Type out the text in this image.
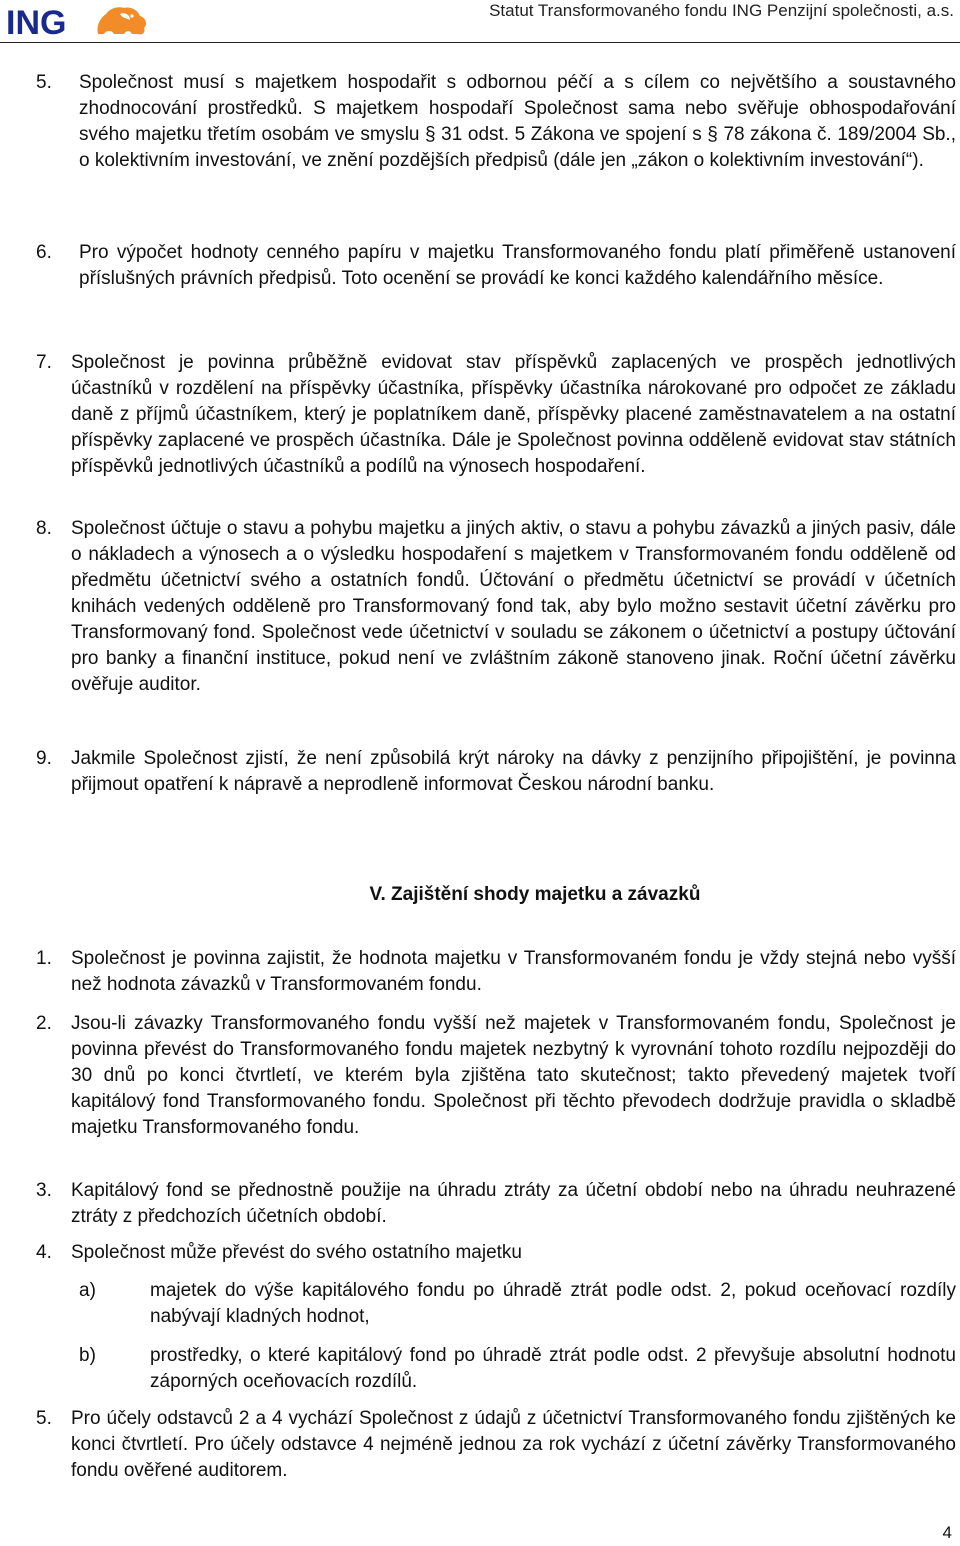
ING	Statut Transformovaného fondu ING Penzijní společnosti, a.s.
5. Společnost musí s majetkem hospodařit s odbornou péčí a s cílem co největšího a soustavného zhodnocování prostředků. S majetkem hospodaří Společnost sama nebo svěřuje obhospodařování svého majetku třetím osobám ve smyslu § 31 odst. 5 Zákona ve spojení s § 78 zákona č. 189/2004 Sb., o kolektivním investování, ve znění pozdějších předpisů (dále jen „zákon o kolektivním investování“).
6. Pro výpočet hodnoty cenného papíru v majetku Transformovaného fondu platí přiměřeně ustanovení příslušných právních předpisů. Toto ocenění se provádí ke konci každého kalendářního měsíce.
7. Společnost je povinna průběžně evidovat stav příspěvků zaplacených ve prospěch jednotlivých účastníků v rozdělení na příspěvky účastníka, příspěvky účastníka nárokované pro odpočet ze základu daně z příjmů účastníkem, který je poplatníkem daně, příspěvky placené zaměstnavatelem a na ostatní příspěvky zaplacené ve prospěch účastníka. Dále je Společnost povinna odděleně evidovat stav státních příspěvků jednotlivých účastníků a podílů na výnosech hospodaření.
8. Společnost účtuje o stavu a pohybu majetku a jiných aktiv, o stavu a pohybu závazků a jiných pasiv, dále o nákladech a výnosech a o výsledku hospodaření s majetkem v Transformovaném fondu odděleně od předmětu účetnictví svého a ostatních fondů. Účtování o předmětu účetnictví se provádí v účetních knihách vedených odděleně pro Transformovaný fond tak, aby bylo možno sestavit účetní závěrku pro Transformovaný fond. Společnost vede účetnictví v souladu se zákonem o účetnictví a postupy účtování pro banky a finanční instituce, pokud není ve zvláštním zákoně stanoveno jinak. Roční účetní závěrku ověřuje auditor.
9. Jakmile Společnost zjistí, že není způsobilá krýt nároky na dávky z penzijního připojištění, je povinna přijmout opatření k nápravě a neprodleně informovat Českou národní banku.
V. Zajištění shody majetku a závazků
1. Společnost je povinna zajistit, že hodnota majetku v Transformovaném fondu je vždy stejná nebo vyšší než hodnota závazků v Transformovaném fondu.
2. Jsou-li závazky Transformovaného fondu vyšší než majetek v Transformovaném fondu, Společnost je povinna převést do Transformovaného fondu majetek nezbytný k vyrovnání tohoto rozdílu nejpozději do 30 dnů po konci čtvrtletí, ve kterém byla zjištěna tato skutečnost; takto převedený majetek tvoří kapitálový fond Transformovaného fondu. Společnost při těchto převodech dodržuje pravidla o skladbě majetku Transformovaného fondu.
3. Kapitálový fond se přednostně použije na úhradu ztráty za účetní období nebo na úhradu neuhrazené ztráty z předchozích účetních období.
4. Společnost může převést do svého ostatního majetku
a)	majetek do výše kapitálového fondu po úhradě ztrát podle odst. 2, pokud oceňovací rozdíly nabývají kladných hodnot,
b)	prostředky, o které kapitálový fond po úhradě ztrát podle odst. 2 převyšuje absolutní hodnotu záporných oceňovacích rozdílů.
5. Pro účely odstavců 2 a 4 vychází Společnost z údajů z účetnictví Transformovaného fondu zjištěných ke konci čtvrtletí. Pro účely odstavce 4 nejméně jednou za rok vychází z účetní závěrky Transformovaného fondu ověřené auditorem.
4
